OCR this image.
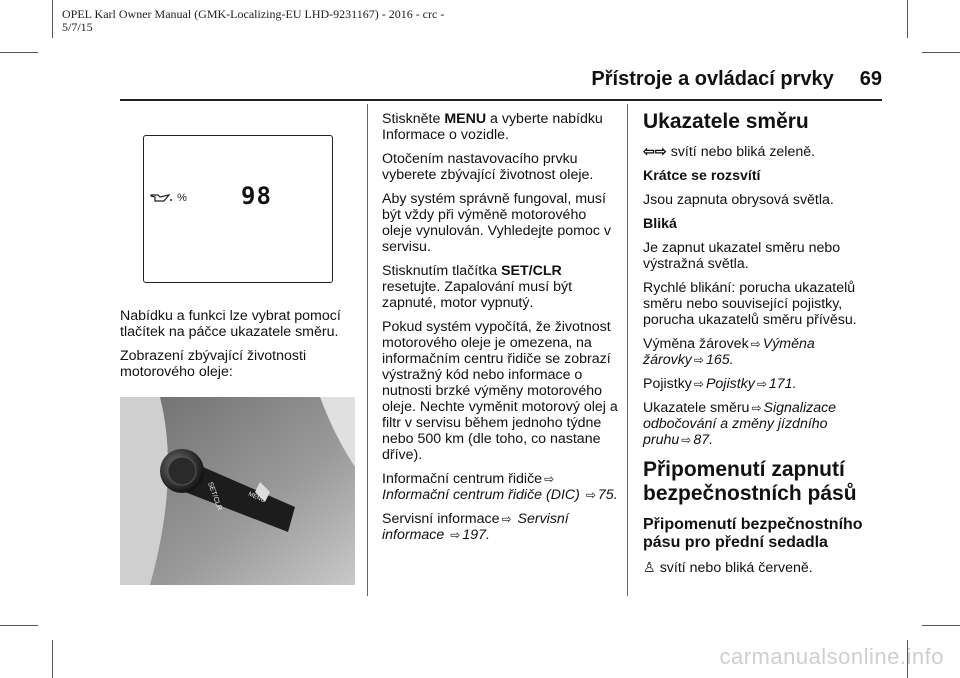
OPEL Karl Owner Manual (GMK-Localizing-EU LHD-9231167) - 2016 - crc -
5/7/15
Přístroje a ovládací prvky 69
% 98

Nabídku a funkci lze vybrat pomocí tlačítek na páčce ukazatele směru.

Zobrazení zbývající životnosti motorového oleje:

SET/CLR	MENU

Stiskněte MENU a vyberte nabídku Informace o vozidle.

Otočením nastavovacího prvku vyberete zbývající životnost oleje.

Aby systém správně fungoval, musí být vždy při výměně motorového oleje vynulován. Vyhledejte pomoc v servisu.

Stisknutím tlačítka SET/CLR resetujte. Zapalování musí být zapnuté, motor vypnutý.

Pokud systém vypočítá, že životnost motorového oleje je omezena, na informačním centru řidiče se zobrazí výstražný kód nebo informace o nutnosti brzké výměny motorového oleje. Nechte vyměnit motorový olej a filtr v servisu během jednoho týdne nebo 500 km (dle toho, co nastane dříve).

Informační centrum řidiče ⇨
Informační centrum řidiče (DIC) ⇨ 75.

Servisní informace ⇨ Servisní informace ⇨ 197.

Ukazatele směru

⇦⇨ svítí nebo bliká zeleně.

Krátce se rozsvítí

Jsou zapnuta obrysová světla.

Bliká

Je zapnut ukazatel směru nebo výstražná světla.

Rychlé blikání: porucha ukazatelů směru nebo související pojistky, porucha ukazatelů směru přívěsu.

Výměna žárovek ⇨ Výměna žárovky ⇨ 165.

Pojistky ⇨ Pojistky ⇨ 171.

Ukazatele směru ⇨ Signalizace odbočování a změny jízdního pruhu ⇨ 87.

Připomenutí zapnutí bezpečnostních pásů
Připomenutí bezpečnostního pásu pro přední sedadla

♙ svítí nebo bliká červeně.

carmanualsonline.info
